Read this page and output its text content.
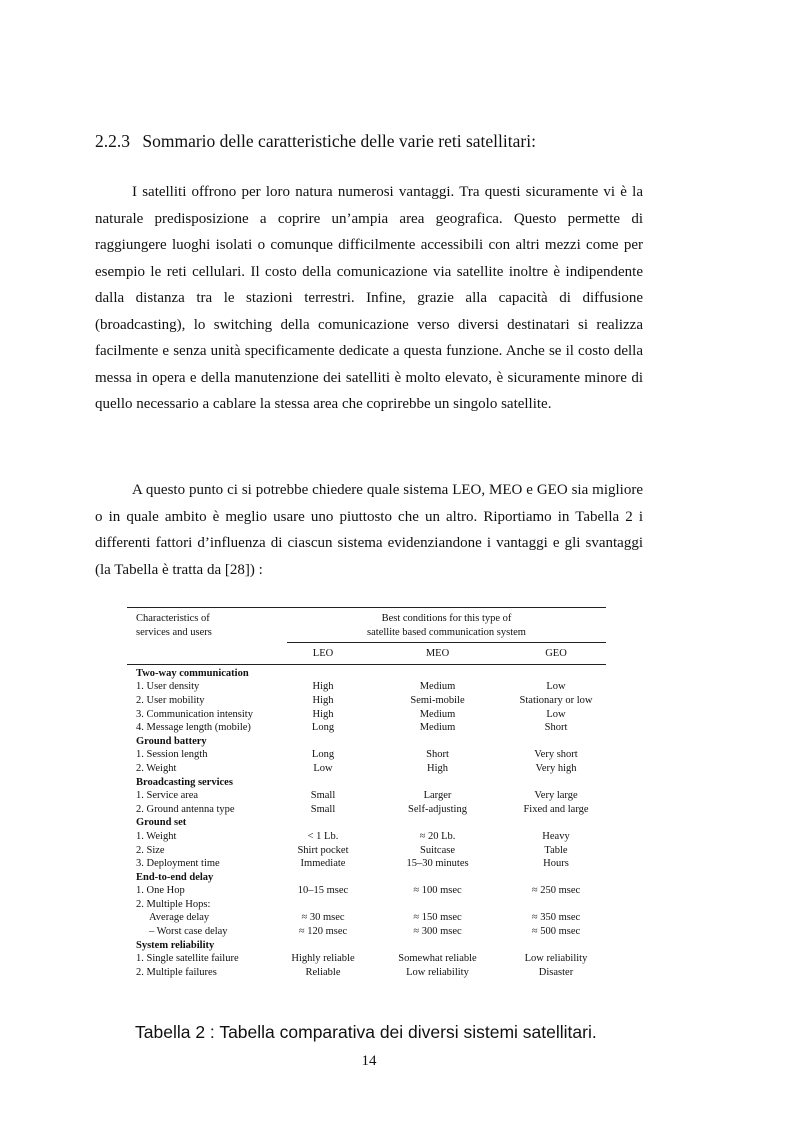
2.2.3 Sommario delle caratteristiche delle varie reti satellitari:

I satelliti offrono per loro natura numerosi vantaggi. Tra questi sicuramente vi è la naturale predisposizione a coprire un’ampia area geografica. Questo permette di raggiungere luoghi isolati o comunque difficilmente accessibili con altri mezzi come per esempio le reti cellulari. Il costo della comunicazione via satellite inoltre è indipendente dalla distanza tra le stazioni terrestri. Infine, grazie alla capacità di diffusione (broadcasting), lo switching della comunicazione verso diversi destinatari si realizza facilmente e senza unità specificamente dedicate a questa funzione. Anche se il costo della messa in opera e della manutenzione dei satelliti è molto elevato, è sicuramente minore di quello necessario a cablare la stessa area che coprirebbe un singolo satellite.

A questo punto ci si potrebbe chiedere quale sistema LEO, MEO e GEO sia migliore o in quale ambito è meglio usare uno piuttosto che un altro. Riportiamo in Tabella 2 i differenti fattori d’influenza di ciascun sistema evidenziandone i vantaggi e gli svantaggi (la Tabella è tratta da [28]) :

Characteristics of
services and users
Best conditions for this type of
satellite based communication system
LEO	MEO	GEO
Two-way communication
1. User density	High	Medium	Low
2. User mobility	High	Semi-mobile	Stationary or low
3. Communication intensity	High	Medium	Low
4. Message length (mobile)	Long	Medium	Short
Ground battery
1. Session length	Long	Short	Very short
2. Weight	Low	High	Very high
Broadcasting services
1. Service area	Small	Larger	Very large
2. Ground antenna type	Small	Self-adjusting	Fixed and large
Ground set
1. Weight	< 1 Lb.	≈ 20 Lb.	Heavy
2. Size	Shirt pocket	Suitcase	Table
3. Deployment time	Immediate	15–30 minutes	Hours
End-to-end delay
1. One Hop	10–15 msec	≈ 100 msec	≈ 250 msec
2. Multiple Hops:
Average delay	≈ 30 msec	≈ 150 msec	≈ 350 msec
– Worst case delay	≈ 120 msec	≈ 300 msec	≈ 500 msec
System reliability
1. Single satellite failure	Highly reliable	Somewhat reliable	Low reliability
2. Multiple failures	Reliable	Low reliability	Disaster
Tabella 2 : Tabella comparativa dei diversi sistemi satellitari.
14
